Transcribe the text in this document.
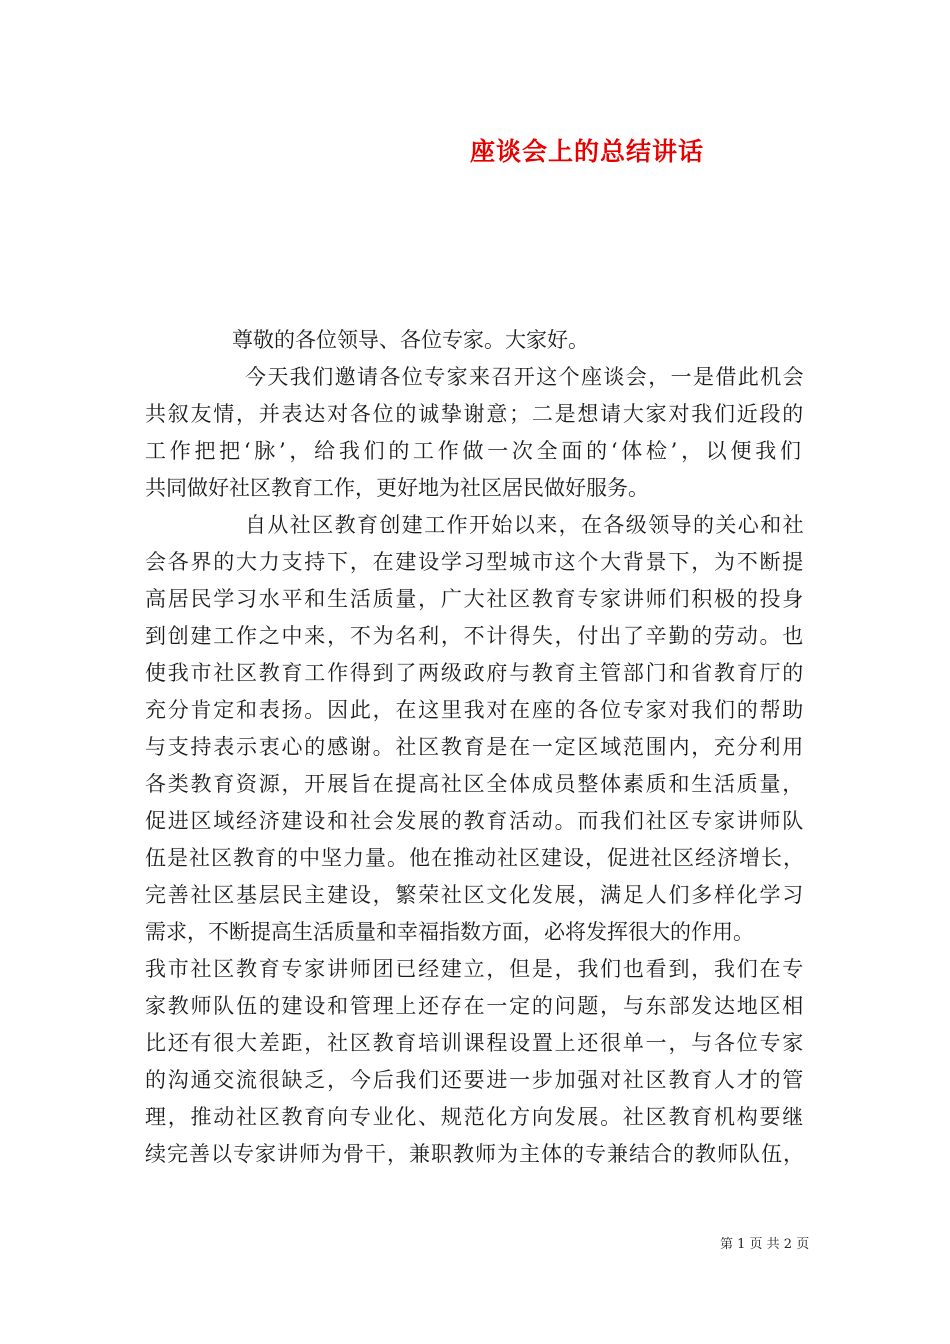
座谈会上的总结讲话
尊敬的各位领导、各位专家。大家好。
今天我们邀请各位专家来召开这个座谈会，一是借此机会
共叙友情，并表达对各位的诚挚谢意；二是想请大家对我们近段的
工作把把‘脉’，给我们的工作做一次全面的‘体检’，以便我们
共同做好社区教育工作，更好地为社区居民做好服务。
自从社区教育创建工作开始以来，在各级领导的关心和社
会各界的大力支持下，在建设学习型城市这个大背景下，为不断提
高居民学习水平和生活质量，广大社区教育专家讲师们积极的投身
到创建工作之中来，不为名利，不计得失，付出了辛勤的劳动。也
使我市社区教育工作得到了两级政府与教育主管部门和省教育厅的
充分肯定和表扬。因此，在这里我对在座的各位专家对我们的帮助
与支持表示衷心的感谢。社区教育是在一定区域范围内，充分利用
各类教育资源，开展旨在提高社区全体成员整体素质和生活质量，
促进区域经济建设和社会发展的教育活动。而我们社区专家讲师队
伍是社区教育的中坚力量。他在推动社区建设，促进社区经济增长，
完善社区基层民主建设，繁荣社区文化发展，满足人们多样化学习
需求，不断提高生活质量和幸福指数方面，必将发挥很大的作用。
我市社区教育专家讲师团已经建立，但是，我们也看到，我们在专
家教师队伍的建设和管理上还存在一定的问题，与东部发达地区相
比还有很大差距，社区教育培训课程设置上还很单一，与各位专家
的沟通交流很缺乏，今后我们还要进一步加强对社区教育人才的管
理，推动社区教育向专业化、规范化方向发展。社区教育机构要继
续完善以专家讲师为骨干，兼职教师为主体的专兼结合的教师队伍，
第 1 页 共 2 页
